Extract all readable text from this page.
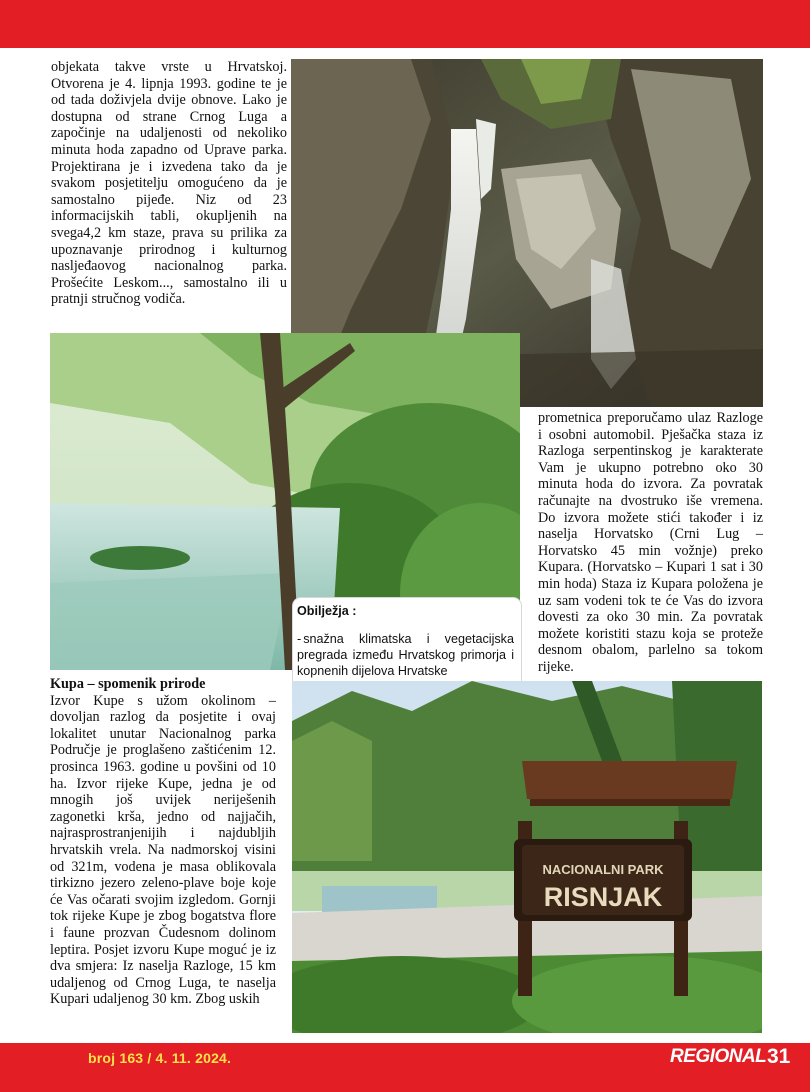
objekata takve vrste u Hrvatskoj. Otvorena je 4. lipnja 1993. godine te je od tada doživjela dvije obnove. Lako je dostupna od strane Crnog Luga a započinje na udaljenosti od nekoliko minuta hoda zapadno od Uprave parka. Projektirana je i izvedena tako da je svakom posjetitelju omogućeno da je samostalno pijeđe. Niz od 23 informacijskih tabli, okupljenih na svega4,2 km staze, prava su prilika za upoznavanje prirodnog i kulturnog nasljeđaovog nacionalnog parka. Prošećite Leskom..., samostalno ili u pratnji stručnog vodiča.

prometnica preporučamo ulaz Razloge i osobni automobil. Pješačka staza iz Razloga serpentinskog je karakterate Vam je ukupno potrebno oko 30 minuta hoda do izvora. Za povratak računajte na dvostruko iše vremena. Do izvora možete stići također i iz naselja Horvatsko (Crni Lug – Horvatsko 45 min vožnje) preko Kupara. (Horvatsko – Kupari 1 sat i 30 min hoda) Staza iz Kupara položena je uz sam vodeni tok te će Vas do izvora dovesti za oko 30 min. Za povratak možete koristiti stazu koja se proteže desnom obalom, parlelno sa tokom rijeke.

Obilježja :
- snažna klimatska i vegetacijska pregrada između Hrvatskog primorja i kopnenih dijelova Hrvatske

Kupa – spomenik prirode
Izvor Kupe s užom okolinom – dovoljan razlog da posjetite i ovaj lokalitet unutar Nacionalnog parka Područje je proglašeno zaštićenim 12. prosinca 1963. godine u povšini od 10 ha. Izvor rijeke Kupe, jedna je od mnogih još uvijek neriješenih zagonetki krša, jedno od najjačih, najrasprostranjenijih i najdubljih hrvatskih vrela. Na nadmorskoj visini od 321m, vodena je masa oblikovala tirkizno jezero zeleno-plave boje koje će Vas očarati svojim izgledom. Gornji tok rijeke Kupe je zbog bogatstva flore i faune prozvan Čudesnom dolinom leptira. Posjet izvoru Kupe moguć je iz dva smjera: Iz naselja Razloge, 15 km udaljenog od Crnog Luga, te naselja Kupari udaljenog 30 km. Zbog uskih

NACIONALNI PARK
RISNJAK
broj 163 / 4. 11. 2024.	REGIONAL 31
